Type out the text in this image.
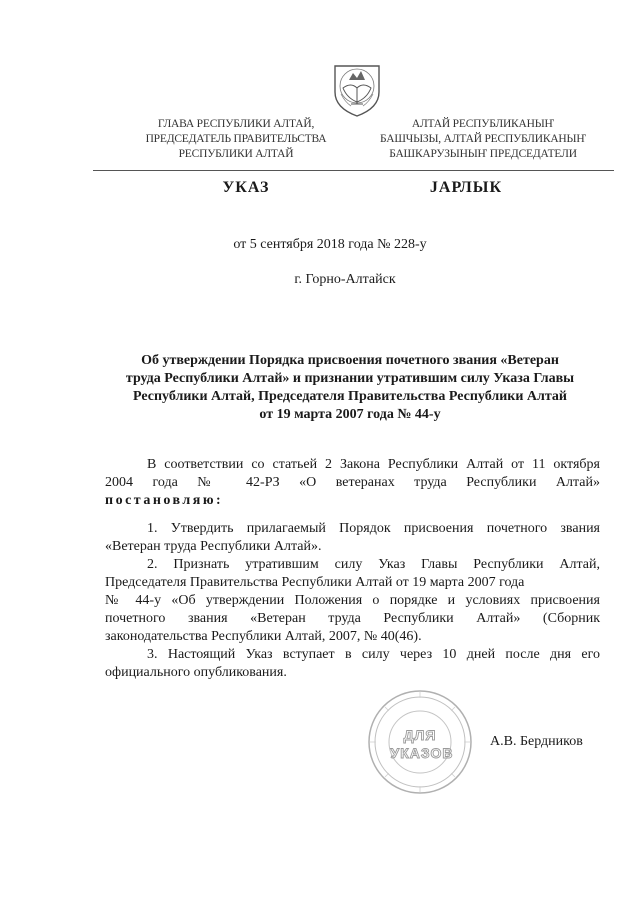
ГЛАВА РЕСПУБЛИКИ АЛТАЙ,
ПРЕДСЕДАТЕЛЬ ПРАВИТЕЛЬСТВА
РЕСПУБЛИКИ АЛТАЙ
АЛТАЙ РЕСПУБЛИКАНЫҤ
БАШЧЫЗЫ, АЛТАЙ РЕСПУБЛИКАНЫҤ
БАШКАРУЗЫНЫҤ ПРЕДСЕДАТЕЛИ
УКАЗ	JАРЛЫК
от 5 сентября 2018 года № 228-у
г. Горно-Алтайск
Об утверждении Порядка присвоения почетного звания «Ветеран
труда Республики Алтай» и признании утратившим силу Указа Главы
Республики Алтай, Председателя Правительства Республики Алтай
от 19 марта 2007 года № 44-у
В соответствии со статьей 2 Закона Республики Алтай от 11 октября
2004 года № 42-РЗ «О ветеранах труда Республики Алтай»
постановляю:
1. Утвердить прилагаемый Порядок присвоения почетного звания
«Ветеран труда Республики Алтай».
2. Признать утратившим силу Указ Главы Республики Алтай,
Председателя Правительства Республики Алтай от 19 марта 2007 года
№ 44-у «Об утверждении Положения о порядке и условиях присвоения
почетного звания «Ветеран труда Республики Алтай» (Сборник
законодательства Республики Алтай, 2007, № 40(46).
3. Настоящий Указ вступает в силу через 10 дней после дня его
официального опубликования.
ДЛЯ
УКАЗОВ
А.В. Бердников
